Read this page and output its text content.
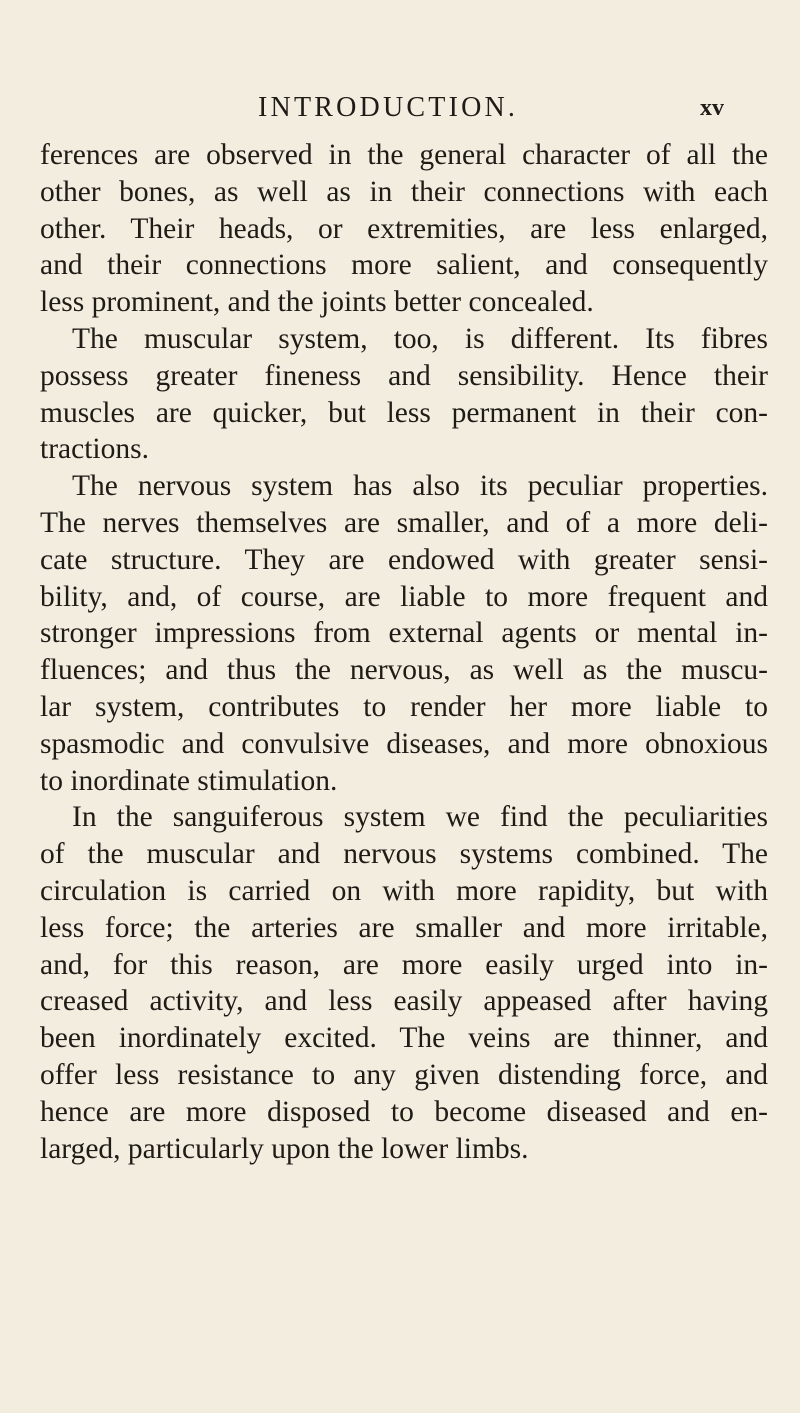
INTRODUCTION.	xv
ferences are observed in the general character of all the
other bones, as well as in their connections with each
other. Their heads, or extremities, are less enlarged,
and their connections more salient, and consequently
less prominent, and the joints better concealed.
The muscular system, too, is different. Its fibres
possess greater fineness and sensibility. Hence their
muscles are quicker, but less permanent in their con-
tractions.
The nervous system has also its peculiar properties.
The nerves themselves are smaller, and of a more deli-
cate structure. They are endowed with greater sensi-
bility, and, of course, are liable to more frequent and
stronger impressions from external agents or mental in-
fluences; and thus the nervous, as well as the muscu-
lar system, contributes to render her more liable to
spasmodic and convulsive diseases, and more obnoxious
to inordinate stimulation.
In the sanguiferous system we find the peculiarities
of the muscular and nervous systems combined. The
circulation is carried on with more rapidity, but with
less force; the arteries are smaller and more irritable,
and, for this reason, are more easily urged into in-
creased activity, and less easily appeased after having
been inordinately excited. The veins are thinner, and
offer less resistance to any given distending force, and
hence are more disposed to become diseased and en-
larged, particularly upon the lower limbs.
